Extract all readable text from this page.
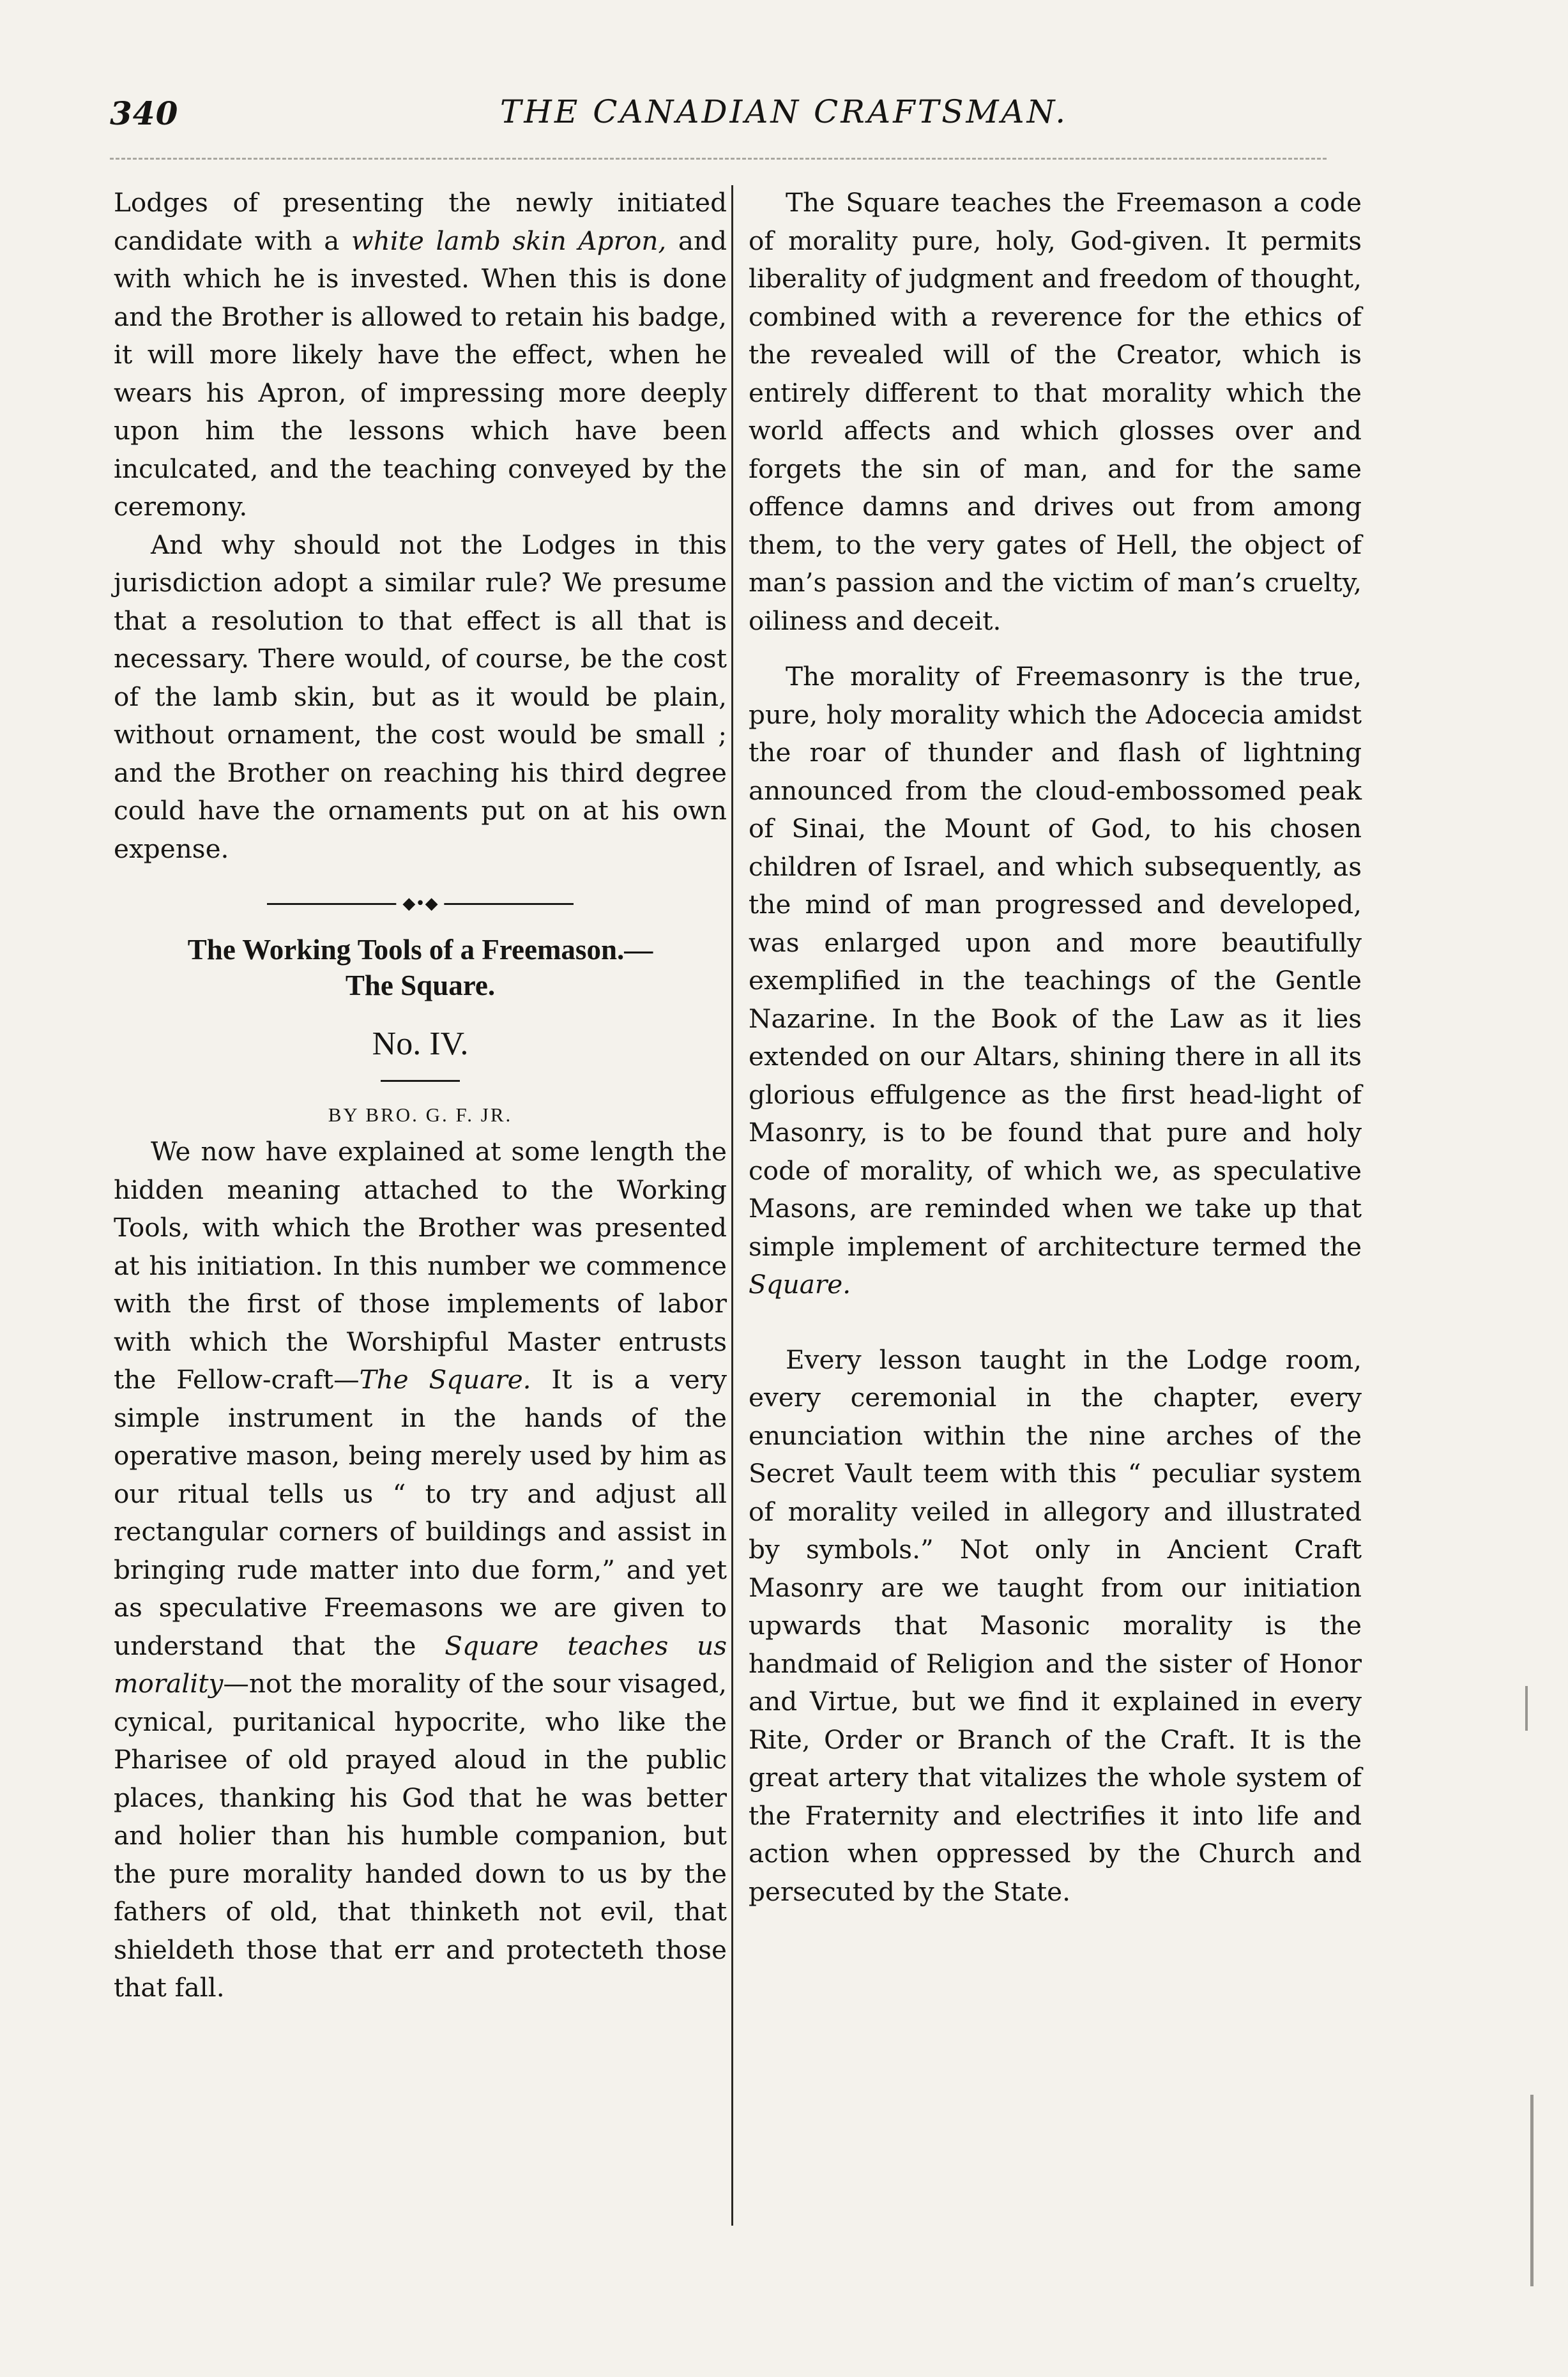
340	THE CANADIAN CRAFTSMAN.

Lodges of presenting the newly initiated candidate with a white lamb skin Apron, and with which he is invested. When this is done and the Brother is allowed to retain his badge, it will more likely have the effect, when he wears his Apron, of impressing more deeply upon him the lessons which have been inculcated, and the teaching conveyed by the ceremony.

And why should not the Lodges in this jurisdiction adopt a similar rule? We presume that a resolution to that effect is all that is necessary. There would, of course, be the cost of the lamb skin, but as it would be plain, without ornament, the cost would be small ; and the Brother on reaching his third degree could have the ornaments put on at his own expense.

◆•◆
The Working Tools of a Freemason.—
The Square.
No. IV.
BY BRO. G. F. JR.

We now have explained at some length the hidden meaning attached to the Working Tools, with which the Brother was presented at his initiation. In this number we commence with the first of those implements of labor with which the Worshipful Master entrusts the Fellow-craft—The Square. It is a very simple instrument in the hands of the operative mason, being merely used by him as our ritual tells us “ to try and adjust all rectangular corners of buildings and assist in bringing rude matter into due form,” and yet as speculative Freemasons we are given to understand that the Square teaches us morality—not the morality of the sour visaged, cynical, puritanical hypocrite, who like the Pharisee of old prayed aloud in the public places, thanking his God that he was better and holier than his humble companion, but the pure morality handed down to us by the fathers of old, that thinketh not evil, that shieldeth those that err and protecteth those that fall.

The Square teaches the Freemason a code of morality pure, holy, God-given. It permits liberality of judgment and freedom of thought, combined with a reverence for the ethics of the revealed will of the Creator, which is entirely different to that morality which the world affects and which glosses over and forgets the sin of man, and for the same offence damns and drives out from among them, to the very gates of Hell, the object of man’s passion and the victim of man’s cruelty, oiliness and deceit.

The morality of Freemasonry is the true, pure, holy morality which the Adocecia amidst the roar of thunder and flash of lightning announced from the cloud-embossomed peak of Sinai, the Mount of God, to his chosen children of Israel, and which subsequently, as the mind of man progressed and developed, was enlarged upon and more beautifully exemplified in the teachings of the Gentle Nazarine. In the Book of the Law as it lies extended on our Altars, shining there in all its glorious effulgence as the first head-light of Masonry, is to be found that pure and holy code of morality, of which we, as speculative Masons, are reminded when we take up that simple implement of architecture termed the Square.

Every lesson taught in the Lodge room, every ceremonial in the chapter, every enunciation within the nine arches of the Secret Vault teem with this “ peculiar system of morality veiled in allegory and illustrated by symbols.” Not only in Ancient Craft Masonry are we taught from our initiation upwards that Masonic morality is the handmaid of Religion and the sister of Honor and Virtue, but we find it explained in every Rite, Order or Branch of the Craft. It is the great artery that vitalizes the whole system of the Fraternity and electrifies it into life and action when oppressed by the Church and persecuted by the State.
